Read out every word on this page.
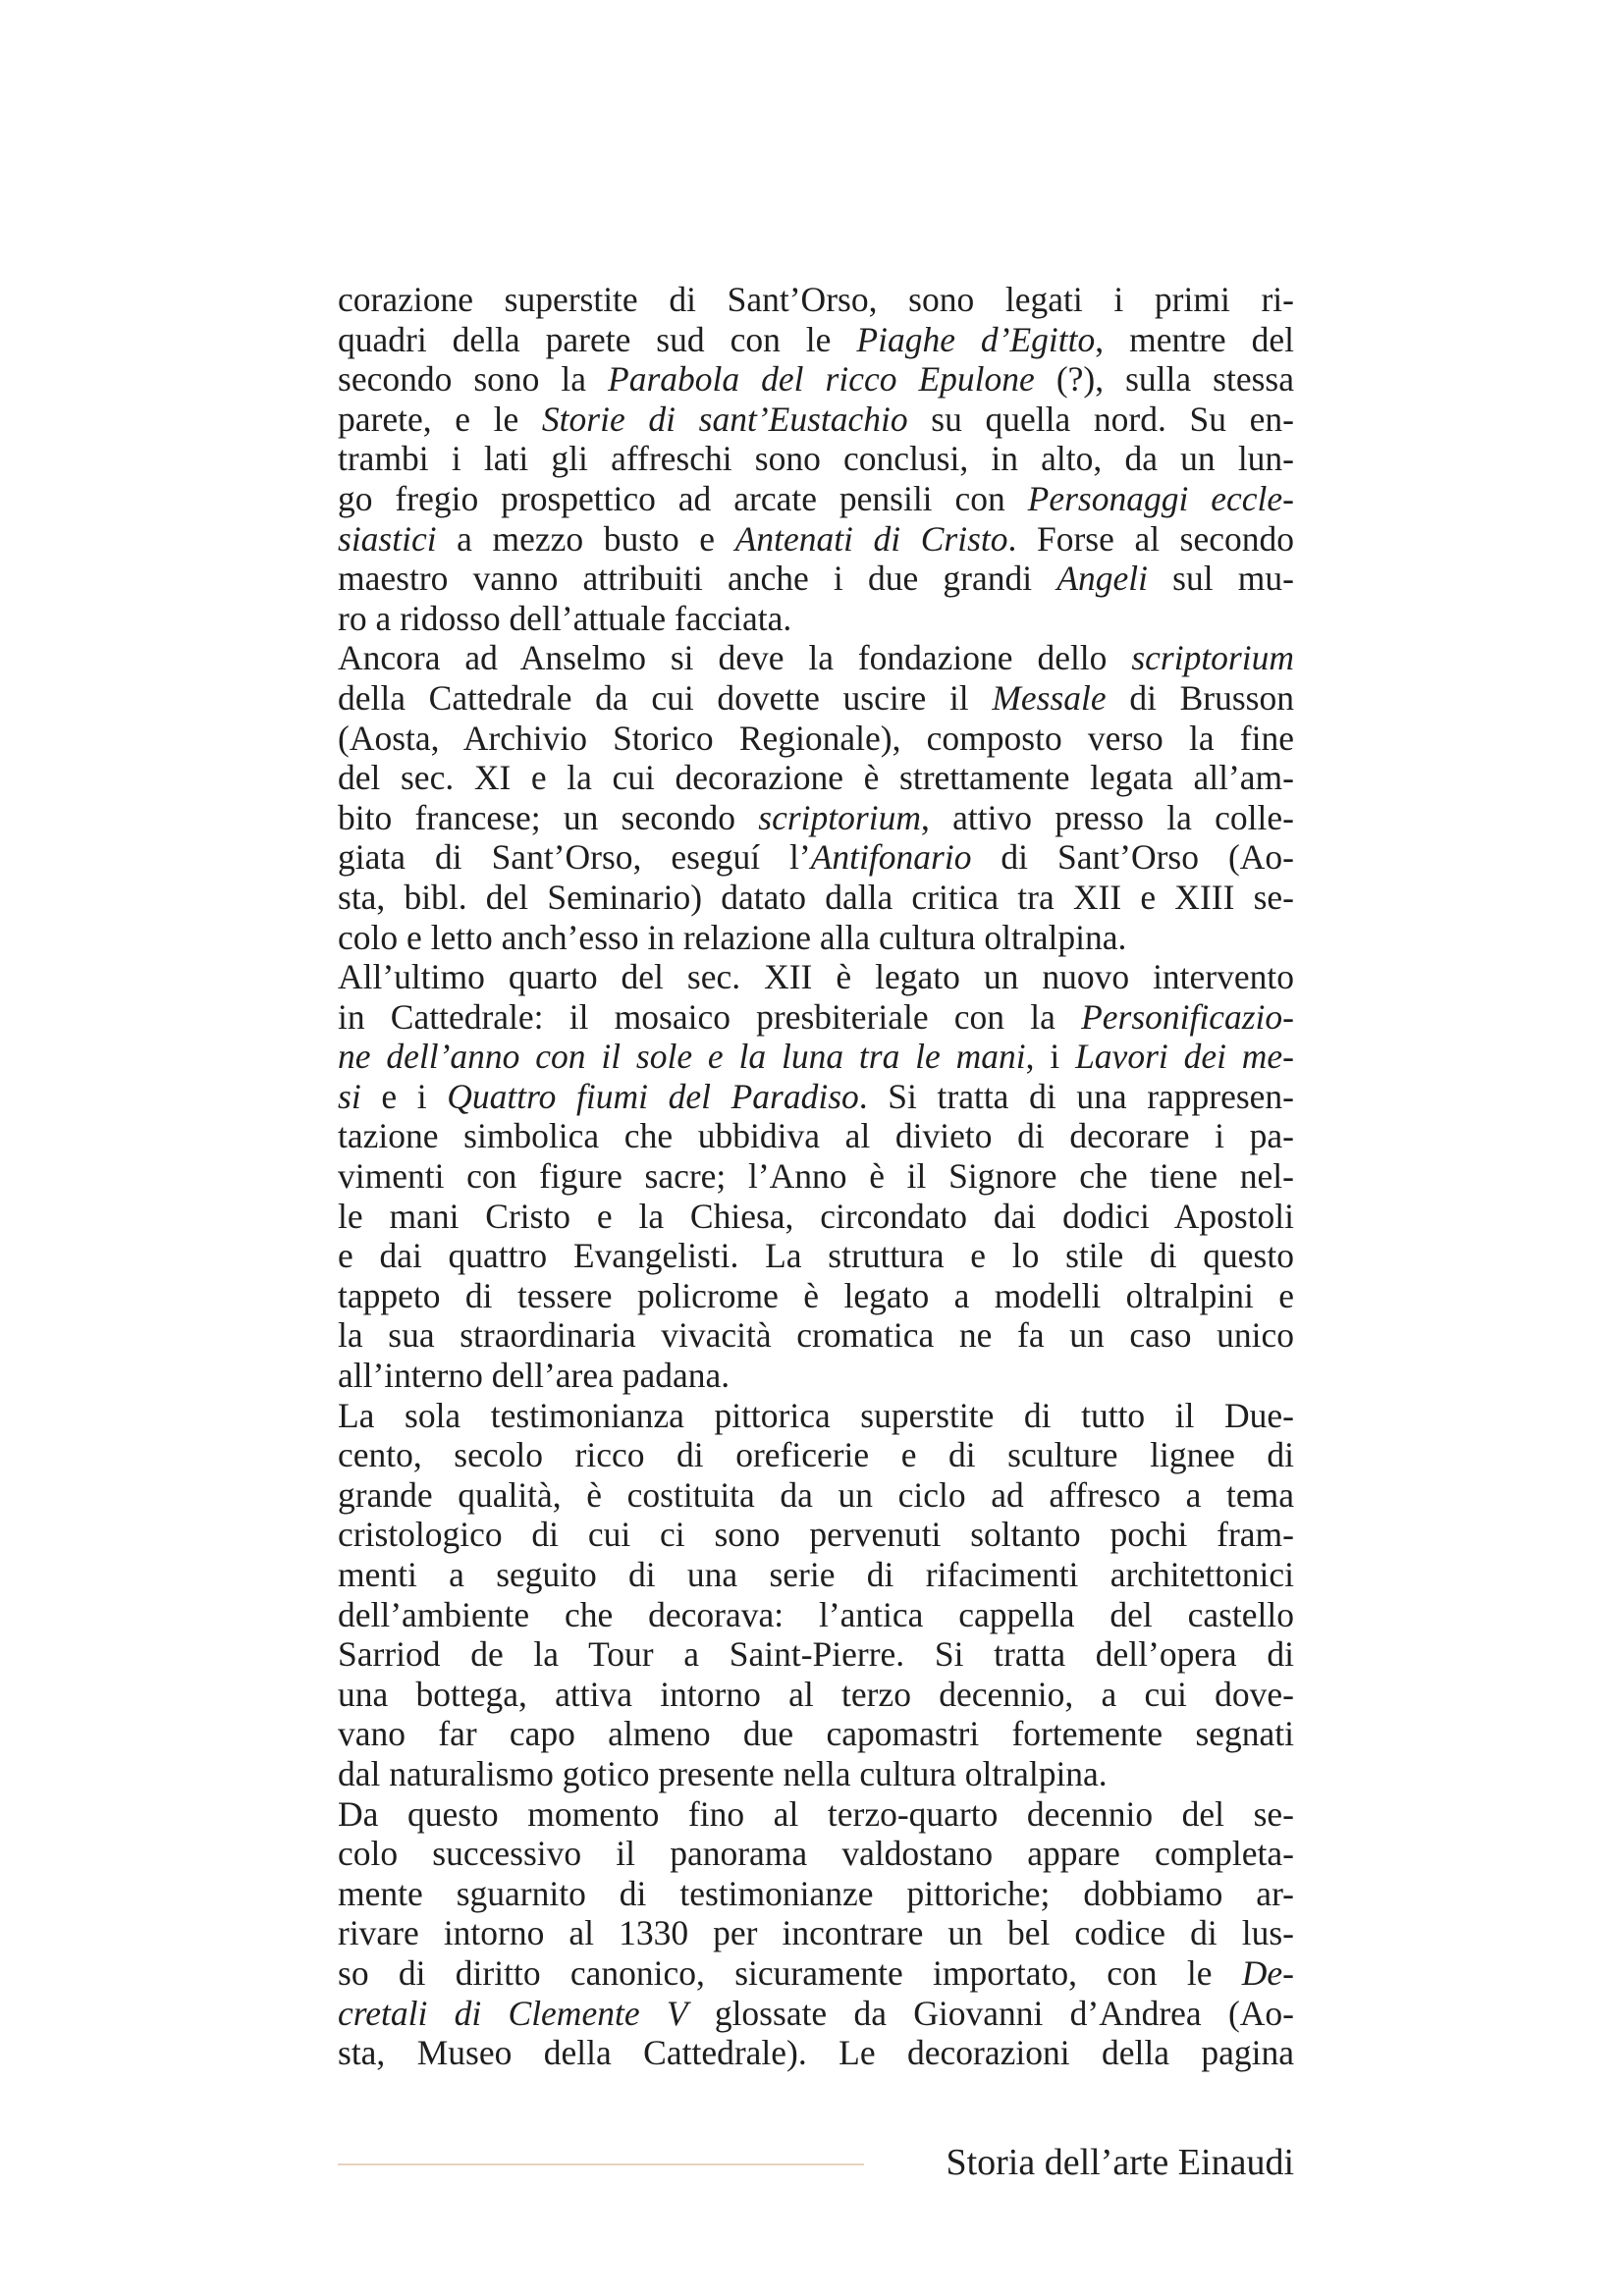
corazione superstite di Sant’Orso, sono legati i primi ri-
quadri della parete sud con le Piaghe d’Egitto, mentre del
secondo sono la Parabola del ricco Epulone (?), sulla stessa
parete, e le Storie di sant’Eustachio su quella nord. Su en-
trambi i lati gli affreschi sono conclusi, in alto, da un lun-
go fregio prospettico ad arcate pensili con Personaggi eccle-
siastici a mezzo busto e Antenati di Cristo. Forse al secondo
maestro vanno attribuiti anche i due grandi Angeli sul mu-
ro a ridosso dell’attuale facciata.
Ancora ad Anselmo si deve la fondazione dello scriptorium
della Cattedrale da cui dovette uscire il Messale di Brusson
(Aosta, Archivio Storico Regionale), composto verso la fine
del sec. XI e la cui decorazione è strettamente legata all’am-
bito francese; un secondo scriptorium, attivo presso la colle-
giata di Sant’Orso, eseguí l’Antifonario di Sant’Orso (Ao-
sta, bibl. del Seminario) datato dalla critica tra XII e XIII se-
colo e letto anch’esso in relazione alla cultura oltralpina.
All’ultimo quarto del sec. XII è legato un nuovo intervento
in Cattedrale: il mosaico presbiteriale con la Personificazio-
ne dell’anno con il sole e la luna tra le mani, i Lavori dei me-
si e i Quattro fiumi del Paradiso. Si tratta di una rappresen-
tazione simbolica che ubbidiva al divieto di decorare i pa-
vimenti con figure sacre; l’Anno è il Signore che tiene nel-
le mani Cristo e la Chiesa, circondato dai dodici Apostoli
e dai quattro Evangelisti. La struttura e lo stile di questo
tappeto di tessere policrome è legato a modelli oltralpini e
la sua straordinaria vivacità cromatica ne fa un caso unico
all’interno dell’area padana.
La sola testimonianza pittorica superstite di tutto il Due-
cento, secolo ricco di oreficerie e di sculture lignee di
grande qualità, è costituita da un ciclo ad affresco a tema
cristologico di cui ci sono pervenuti soltanto pochi fram-
menti a seguito di una serie di rifacimenti architettonici
dell’ambiente che decorava: l’antica cappella del castello
Sarriod de la Tour a Saint-Pierre. Si tratta dell’opera di
una bottega, attiva intorno al terzo decennio, a cui dove-
vano far capo almeno due capomastri fortemente segnati
dal naturalismo gotico presente nella cultura oltralpina.
Da questo momento fino al terzo-quarto decennio del se-
colo successivo il panorama valdostano appare completa-
mente sguarnito di testimonianze pittoriche; dobbiamo ar-
rivare intorno al 1330 per incontrare un bel codice di lus-
so di diritto canonico, sicuramente importato, con le De-
cretali di Clemente V glossate da Giovanni d’Andrea (Ao-
sta, Museo della Cattedrale). Le decorazioni della pagina
Storia dell’arte Einaudi
